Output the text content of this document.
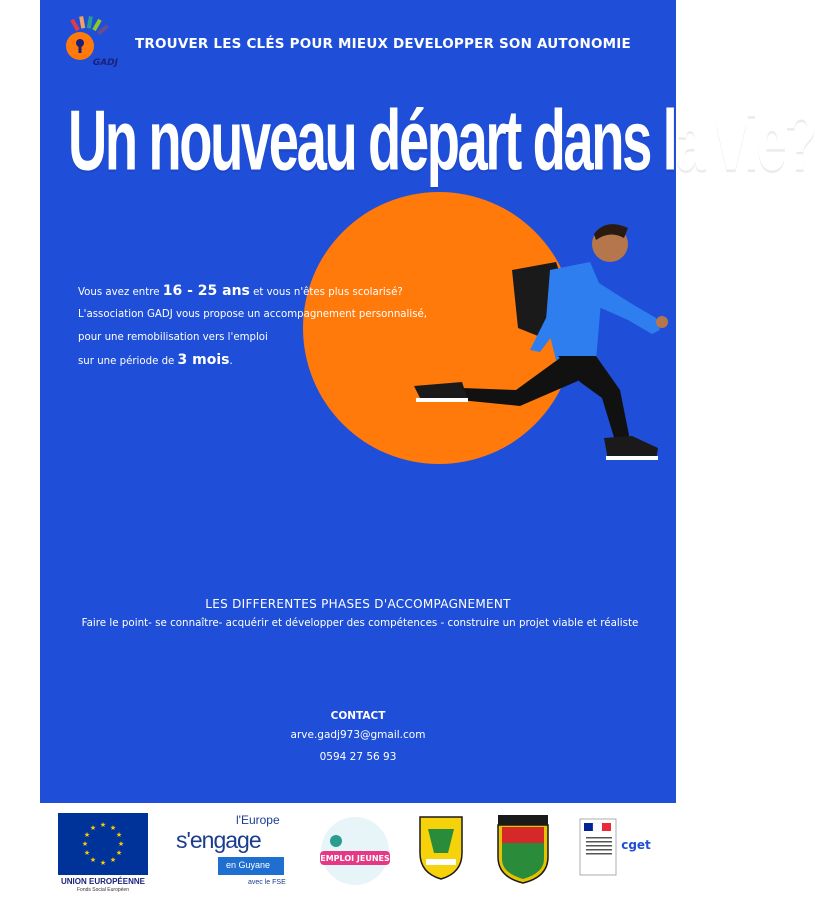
GADJ
TROUVER LES CLÉS POUR MIEUX DEVELOPPER SON AUTONOMIE
Un nouveau départ dans la vie?

Vous avez entre 16 - 25 ans et vous n'êtes plus scolarisé?

L'association GADJ vous propose un accompagnement personnalisé,

pour une remobilisation vers l'emploi

sur une période de 3 mois.

LES DIFFERENTES PHASES D'ACCOMPAGNEMENT
Faire le point- se connaître- acquérir et développer des compétences - construire un projet viable et réaliste
CONTACT
arve.gadj973@gmail.com
0594 27 56 93
★ ★
★
★
★
★
★
★
★
★
★
★
UNION EUROPÉENNE
Fonds Social Européen
l'Europe
s'engage
en Guyane
avec le FSE
EMPLOI JEUNES
cget
